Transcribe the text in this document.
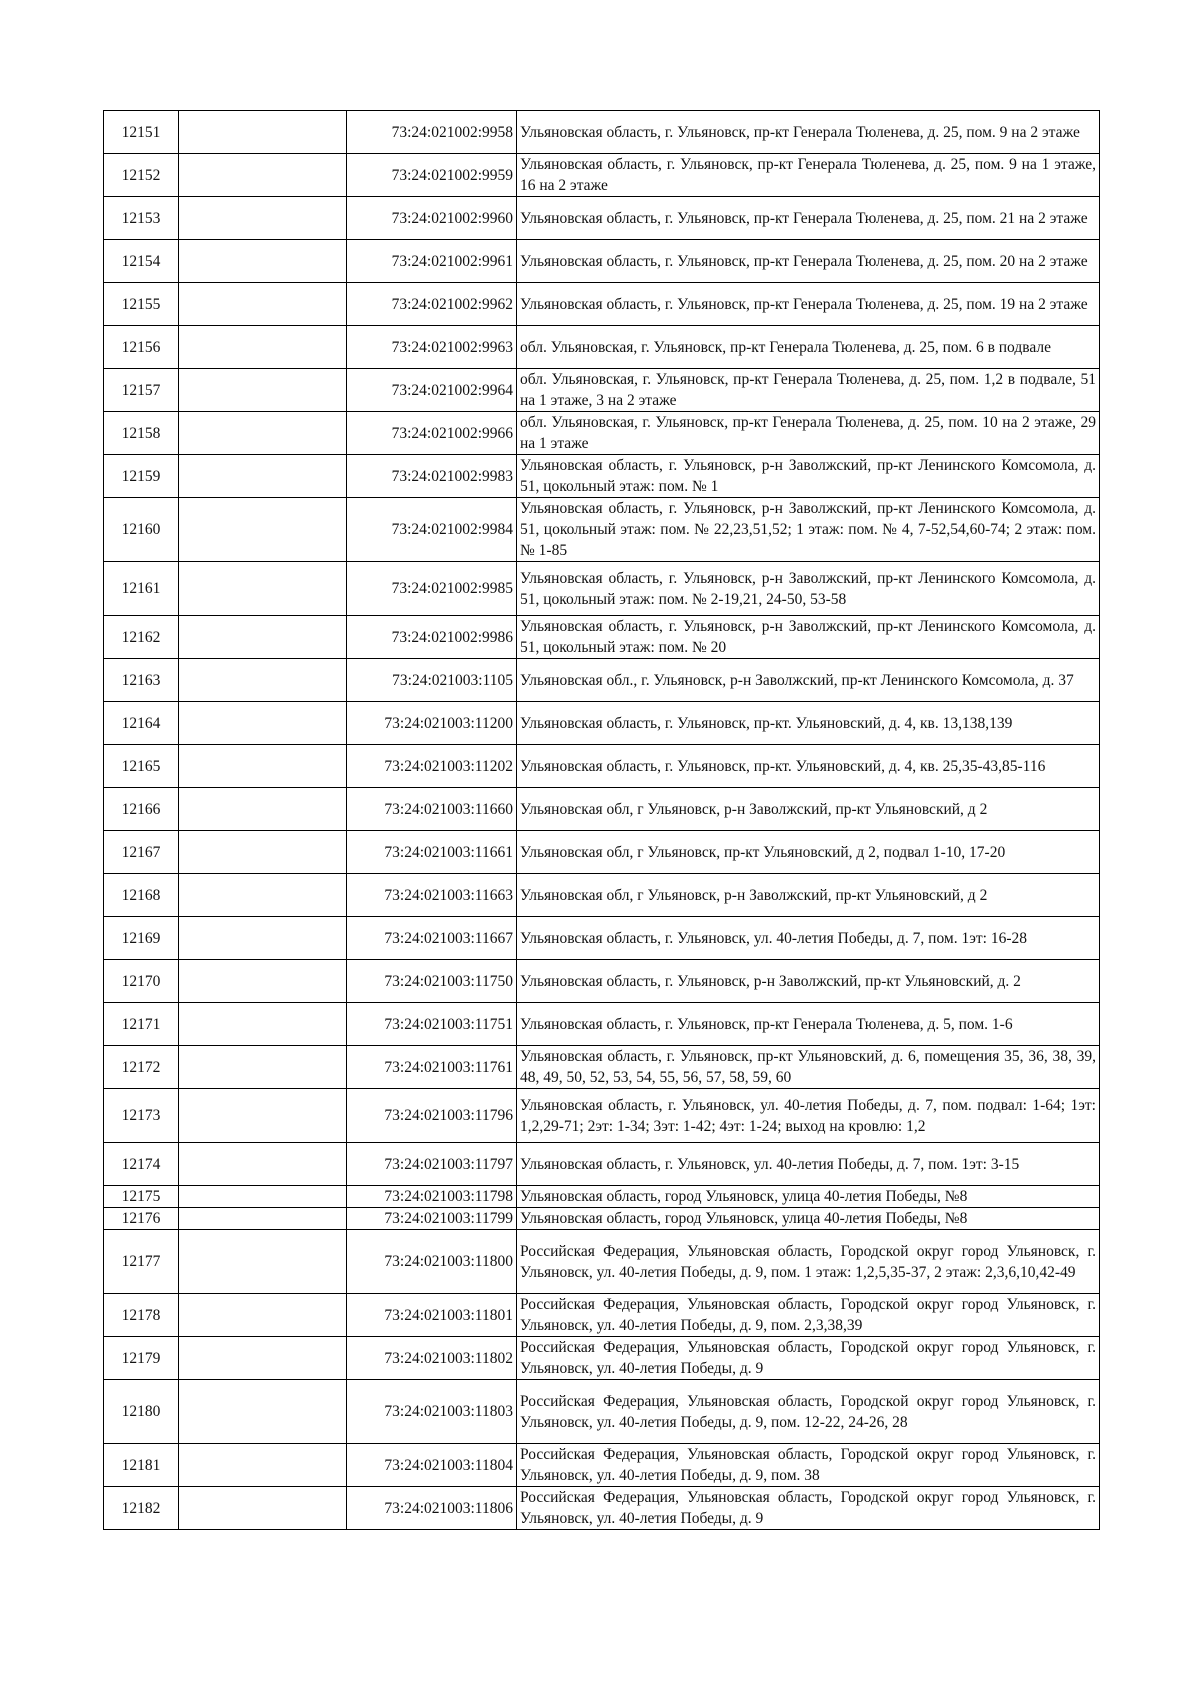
12151		73:24:021002:9958	Ульяновская область, г. Ульяновск, пр-кт Генерала Тюленева, д. 25, пом. 9 на 2 этаже
12152		73:24:021002:9959	Ульяновская область, г. Ульяновск, пр-кт Генерала Тюленева, д. 25, пом. 9 на 1 этаже, 16 на 2 этаже
12153		73:24:021002:9960	Ульяновская область, г. Ульяновск, пр-кт Генерала Тюленева, д. 25, пом. 21 на 2 этаже
12154		73:24:021002:9961	Ульяновская область, г. Ульяновск, пр-кт Генерала Тюленева, д. 25, пом. 20 на 2 этаже
12155		73:24:021002:9962	Ульяновская область, г. Ульяновск, пр-кт Генерала Тюленева, д. 25, пом. 19 на 2 этаже
12156		73:24:021002:9963	обл. Ульяновская, г. Ульяновск, пр-кт Генерала Тюленева, д. 25, пом. 6 в подвале
12157		73:24:021002:9964	обл. Ульяновская, г. Ульяновск, пр-кт Генерала Тюленева, д. 25, пом. 1,2 в подвале, 51 на 1 этаже, 3 на 2 этаже
12158		73:24:021002:9966	обл. Ульяновская, г. Ульяновск, пр-кт Генерала Тюленева, д. 25, пом. 10 на 2 этаже, 29 на 1 этаже
12159		73:24:021002:9983	Ульяновская область, г. Ульяновск, р-н Заволжский, пр-кт Ленинского Комсомола, д. 51, цокольный этаж: пом. № 1
12160		73:24:021002:9984	Ульяновская область, г. Ульяновск, р-н Заволжский, пр-кт Ленинского Комсомола, д. 51, цокольный этаж: пом. № 22,23,51,52; 1 этаж: пом. № 4, 7-52,54,60-74; 2 этаж: пом. № 1-85
12161		73:24:021002:9985	Ульяновская область, г. Ульяновск, р-н Заволжский, пр-кт Ленинского Комсомола, д. 51, цокольный этаж: пом. № 2-19,21, 24-50, 53-58
12162		73:24:021002:9986	Ульяновская область, г. Ульяновск, р-н Заволжский, пр-кт Ленинского Комсомола, д. 51, цокольный этаж: пом. № 20
12163		73:24:021003:1105	Ульяновская обл., г. Ульяновск, р-н Заволжский, пр-кт Ленинского Комсомола, д. 37
12164		73:24:021003:11200	Ульяновская область, г. Ульяновск, пр-кт. Ульяновский, д. 4, кв. 13,138,139
12165		73:24:021003:11202	Ульяновская область, г. Ульяновск, пр-кт. Ульяновский, д. 4, кв. 25,35-43,85-116
12166		73:24:021003:11660	Ульяновская обл, г Ульяновск, р-н Заволжский, пр-кт Ульяновский, д 2
12167		73:24:021003:11661	Ульяновская обл, г Ульяновск, пр-кт Ульяновский, д 2, подвал 1-10, 17-20
12168		73:24:021003:11663	Ульяновская обл, г Ульяновск, р-н Заволжский, пр-кт Ульяновский, д 2
12169		73:24:021003:11667	Ульяновская область, г. Ульяновск, ул. 40-летия Победы, д. 7, пом. 1эт: 16-28
12170		73:24:021003:11750	Ульяновская область, г. Ульяновск, р-н Заволжский, пр-кт Ульяновский, д. 2
12171		73:24:021003:11751	Ульяновская область, г. Ульяновск, пр-кт Генерала Тюленева, д. 5, пом. 1-6
12172		73:24:021003:11761	Ульяновская область, г. Ульяновск, пр-кт Ульяновский, д. 6, помещения 35, 36, 38, 39, 48, 49, 50, 52, 53, 54, 55, 56, 57, 58, 59, 60
12173		73:24:021003:11796	Ульяновская область, г. Ульяновск, ул. 40-летия Победы, д. 7, пом. подвал: 1-64; 1эт: 1,2,29-71; 2эт: 1-34; 3эт: 1-42; 4эт: 1-24; выход на кровлю: 1,2
12174		73:24:021003:11797	Ульяновская область, г. Ульяновск, ул. 40-летия Победы, д. 7, пом. 1эт: 3-15
12175		73:24:021003:11798	Ульяновская область, город Ульяновск, улица 40-летия Победы, №8
12176		73:24:021003:11799	Ульяновская область, город Ульяновск, улица 40-летия Победы, №8
12177		73:24:021003:11800	Российская Федерация, Ульяновская область, Городской округ город Ульяновск, г. Ульяновск, ул. 40-летия Победы, д. 9, пом. 1 этаж: 1,2,5,35-37, 2 этаж: 2,3,6,10,42-49
12178		73:24:021003:11801	Российская Федерация, Ульяновская область, Городской округ город Ульяновск, г. Ульяновск, ул. 40-летия Победы, д. 9, пом. 2,3,38,39
12179		73:24:021003:11802	Российская Федерация, Ульяновская область, Городской округ город Ульяновск, г. Ульяновск, ул. 40-летия Победы, д. 9
12180		73:24:021003:11803	Российская Федерация, Ульяновская область, Городской округ город Ульяновск, г. Ульяновск, ул. 40-летия Победы, д. 9, пом. 12-22, 24-26, 28
12181		73:24:021003:11804	Российская Федерация, Ульяновская область, Городской округ город Ульяновск, г. Ульяновск, ул. 40-летия Победы, д. 9, пом. 38
12182		73:24:021003:11806	Российская Федерация, Ульяновская область, Городской округ город Ульяновск, г. Ульяновск, ул. 40-летия Победы, д. 9
